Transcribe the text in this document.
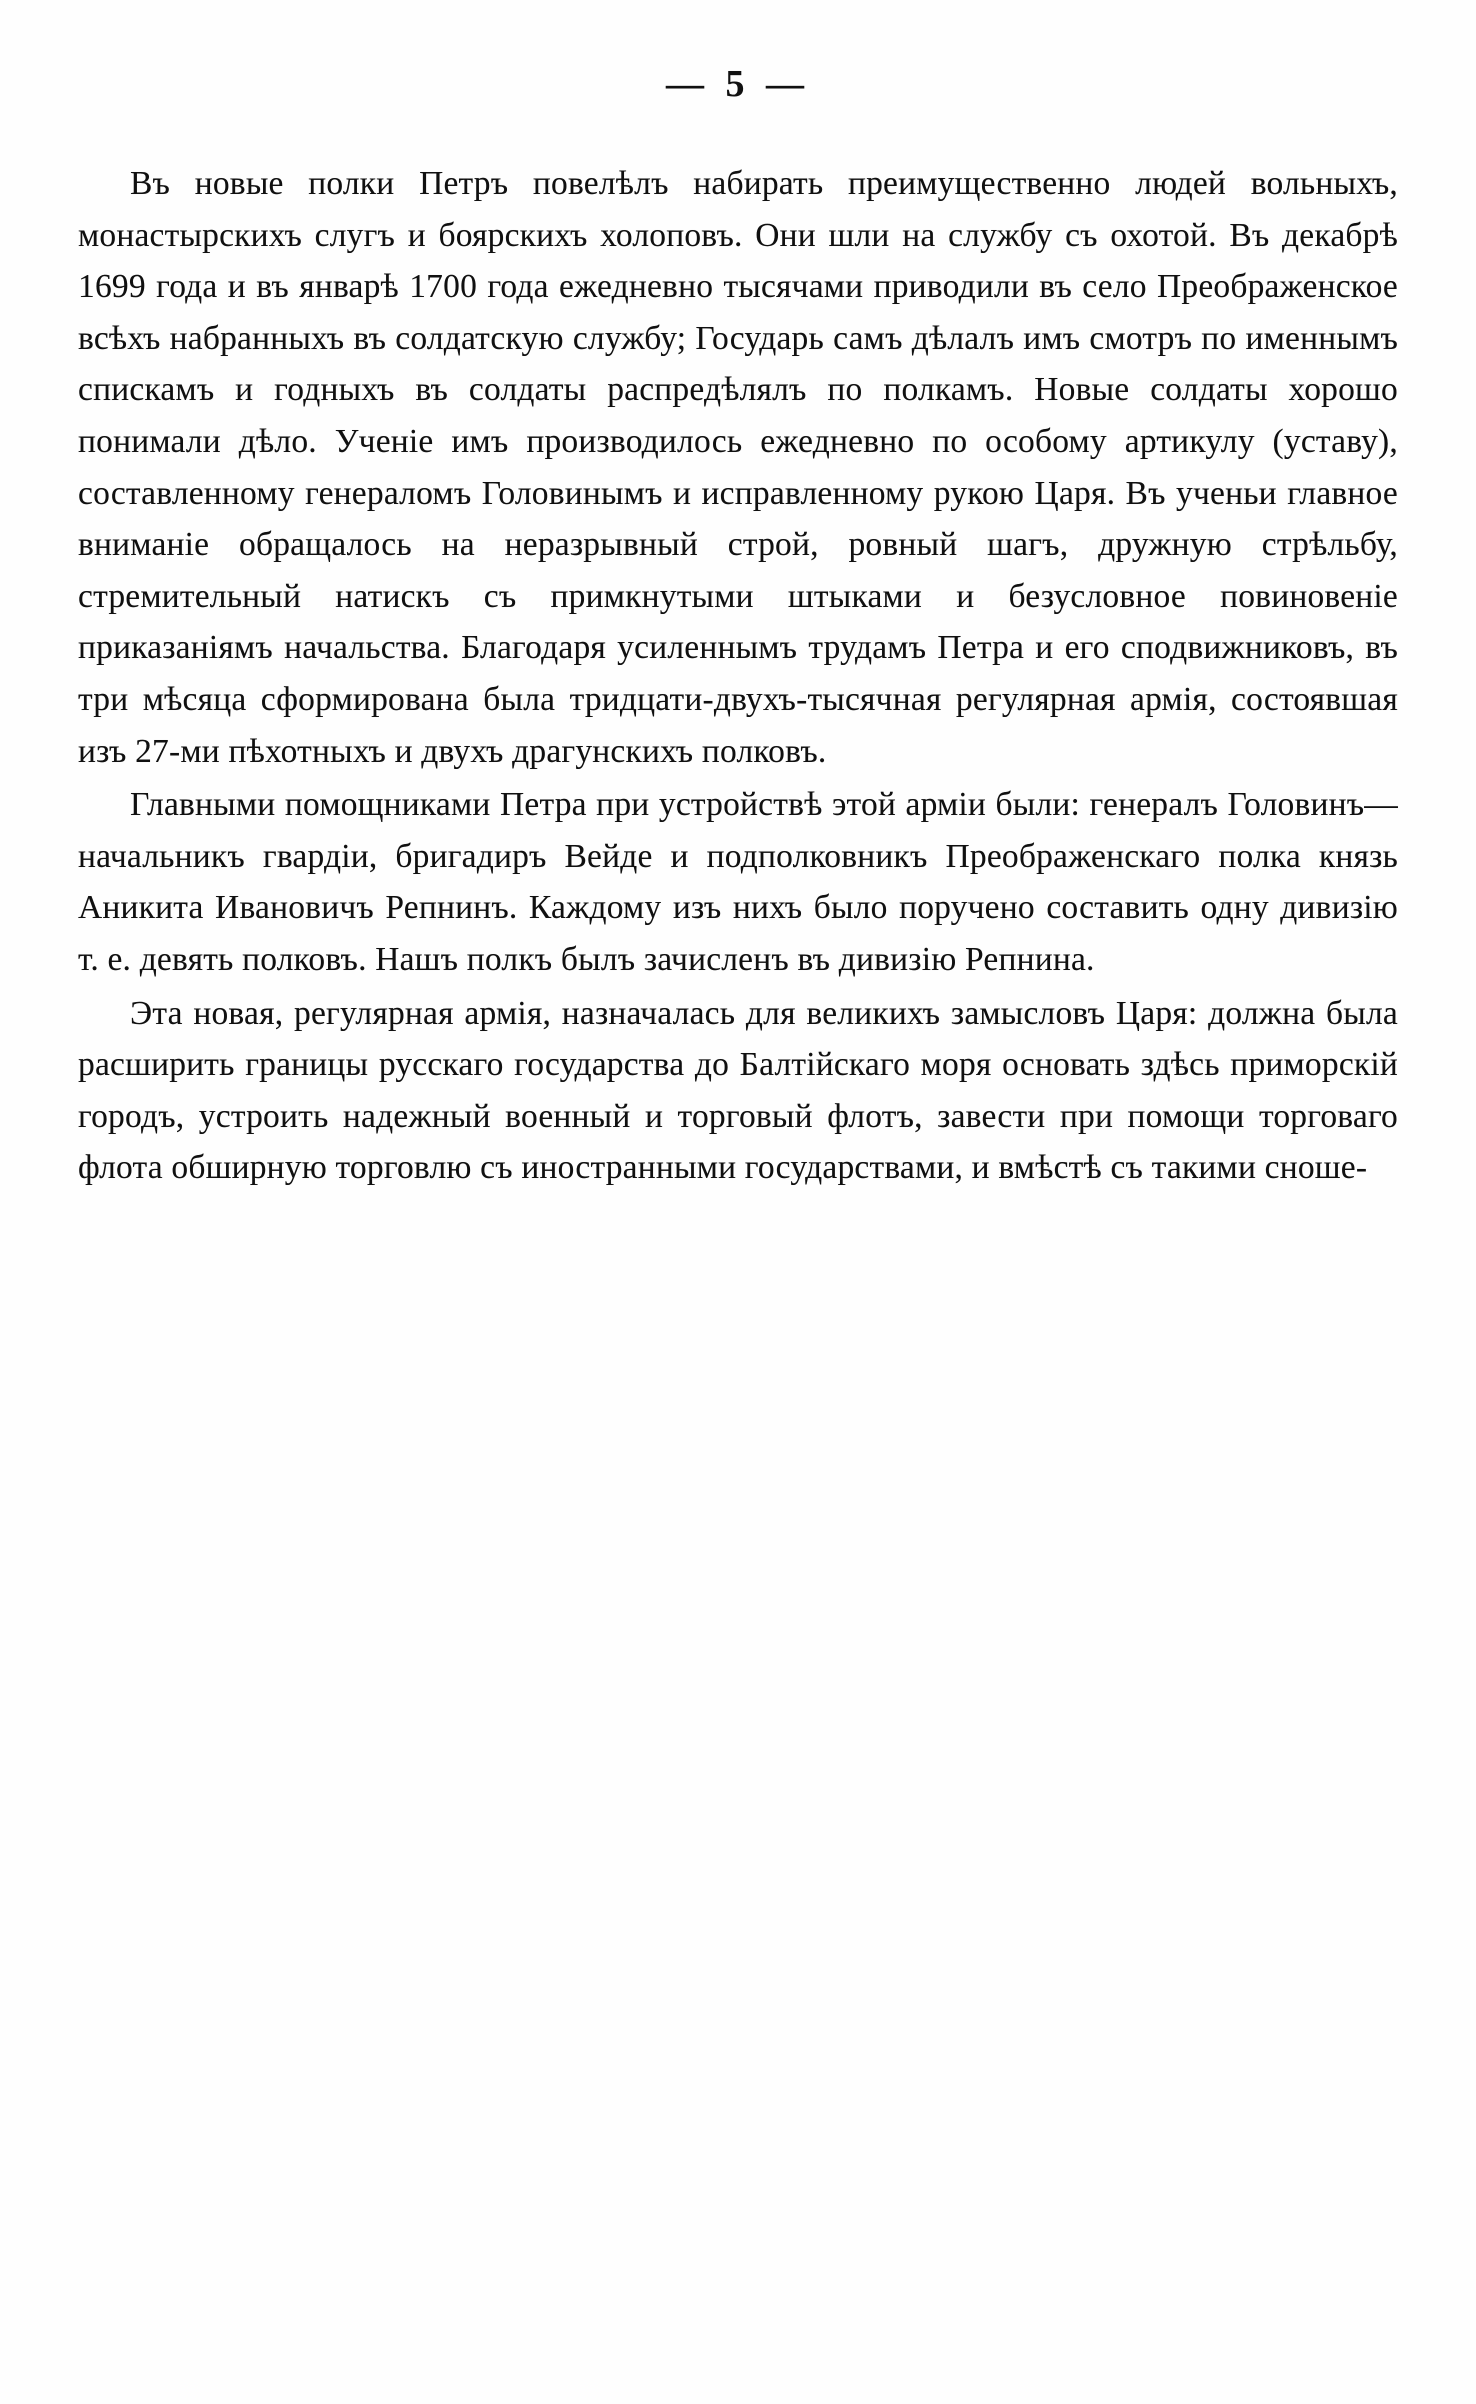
— 5 —

Въ новые полки Петръ повелѣлъ набирать преимущественно людей вольныхъ, монастырскихъ слугъ и боярскихъ холоповъ. Они шли на службу съ охотой. Въ декабрѣ 1699 года и въ январѣ 1700 года ежедневно тысячами приводили въ село Преображенское всѣхъ набранныхъ въ солдатскую службу; Государь самъ дѣлалъ имъ смотръ по именнымъ спискамъ и годныхъ въ солдаты распредѣлялъ по полкамъ. Новые солдаты хорошо понимали дѣло. Ученіе имъ производилось ежедневно по особому артикулу (уставу), составленному генераломъ Головинымъ и исправленному рукою Царя. Въ ученьи главное вниманіе обращалось на неразрывный строй, ровный шагъ, дружную стрѣльбу, стремительный натискъ съ примкнутыми штыками и безусловное повиновеніе приказаніямъ начальства. Благодаря усиленнымъ трудамъ Петра и его сподвижниковъ, въ три мѣсяца сформирована была тридцати-двухъ-тысячная регулярная армія, состоявшая изъ 27-ми пѣхотныхъ и двухъ драгунскихъ полковъ.

Главными помощниками Петра при устройствѣ этой арміи были: генералъ Головинъ—начальникъ гвардіи, бригадиръ Вейде и подполковникъ Преображенскаго полка князь Аникита Ивановичъ Репнинъ. Каждому изъ нихъ было поручено составить одну дивизію т. е. девять полковъ. Нашъ полкъ былъ зачисленъ въ дивизію Репнина.

Эта новая, регулярная армія, назначалась для великихъ замысловъ Царя: должна была расширить границы русскаго государства до Балтійскаго моря основать здѣсь приморскій городъ, устроить надежный военный и торговый флотъ, завести при помощи торговаго флота обширную торговлю съ иностранными государствами, и вмѣстѣ съ такими сноше-
